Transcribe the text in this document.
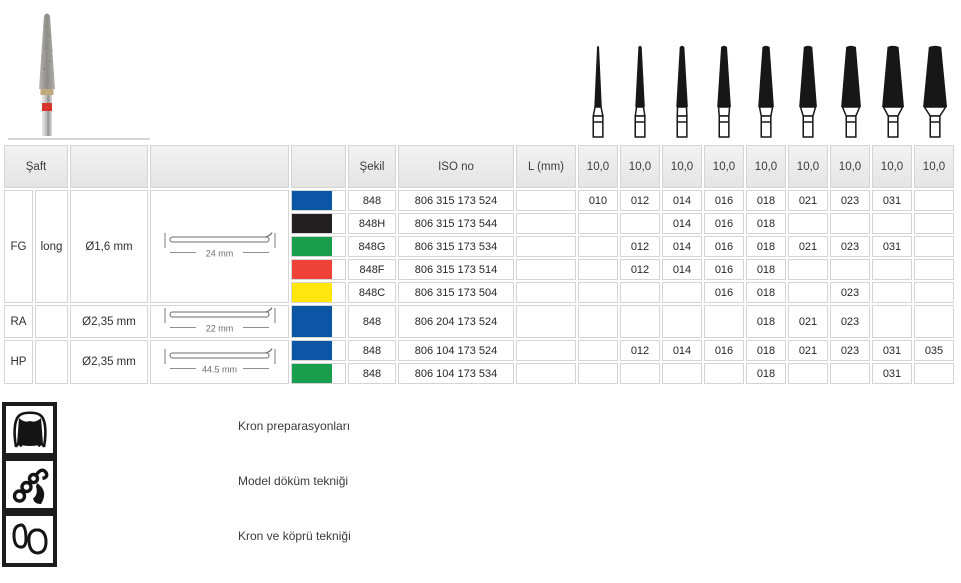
Şaft					Şekil	ISO no	L (mm)	10,0	10,0	10,0	10,0	10,0	10,0	10,0	10,0	10,0
FG	long	Ø1,6 mm	24 mm		848	806 315 173 524		010	012	014	016	018	021	023	031	

					848H	806 315 173 544				014	016	018				

					848G	806 315 173 534			012	014	016	018	021	023	031	

					848F	806 315 173 514			012	014	016	018				

					848C	806 315 173 504					016	018		023		
RA		Ø2,35 mm	22 mm		848	806 204 173 524						018	021	023		
HP		Ø2,35 mm	44.5 mm		848	806 104 173 524			012	014	016	018	021	023	031	035

					848	806 104 173 534						018			031	
Kron preparasyonları
Model döküm tekniği
Kron ve köprü tekniği
